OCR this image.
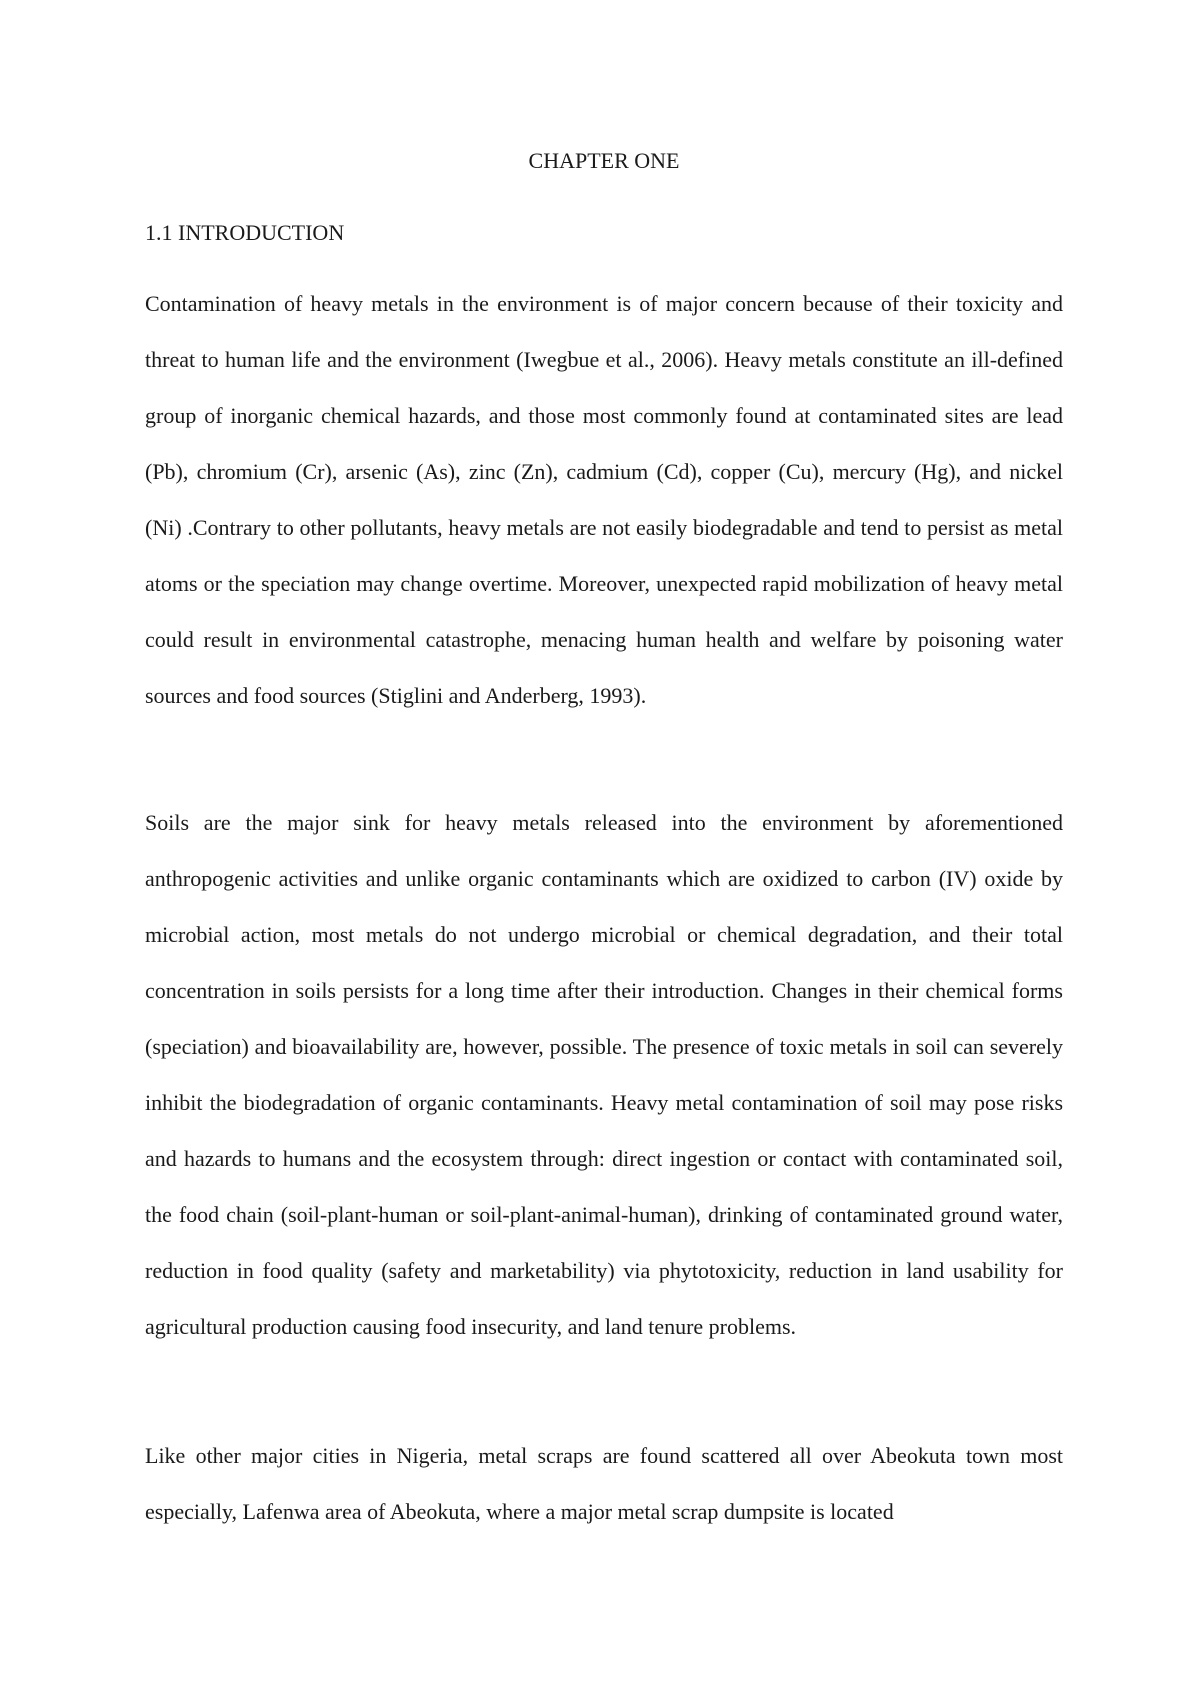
CHAPTER ONE
1.1 INTRODUCTION

Contamination of heavy metals in the environment is of major concern because of their toxicity and threat to human life and the environment (Iwegbue et al., 2006). Heavy metals constitute an ill-defined group of inorganic chemical hazards, and those most commonly found at contaminated sites are lead (Pb), chromium (Cr), arsenic (As), zinc (Zn), cadmium (Cd), copper (Cu), mercury (Hg), and nickel (Ni) .Contrary to other pollutants, heavy metals are not easily biodegradable and tend to persist as metal atoms or the speciation may change overtime. Moreover, unexpected rapid mobilization of heavy metal could result in environmental catastrophe, menacing human health and welfare by poisoning water sources and food sources (Stiglini and Anderberg, 1993).

Soils are the major sink for heavy metals released into the environment by aforementioned anthropogenic activities and unlike organic contaminants which are oxidized to carbon (IV) oxide by microbial action, most metals do not undergo microbial or chemical degradation, and their total concentration in soils persists for a long time after their introduction. Changes in their chemical forms (speciation) and bioavailability are, however, possible. The presence of toxic metals in soil can severely inhibit the biodegradation of organic contaminants. Heavy metal contamination of soil may pose risks and hazards to humans and the ecosystem through: direct ingestion or contact with contaminated soil, the food chain (soil-plant-human or soil-plant-animal-human), drinking of contaminated ground water, reduction in food quality (safety and marketability) via phytotoxicity, reduction in land usability for agricultural production causing food insecurity, and land tenure problems.

Like other major cities in Nigeria, metal scraps are found scattered all over Abeokuta town most especially, Lafenwa area of Abeokuta, where a major metal scrap dumpsite is located
